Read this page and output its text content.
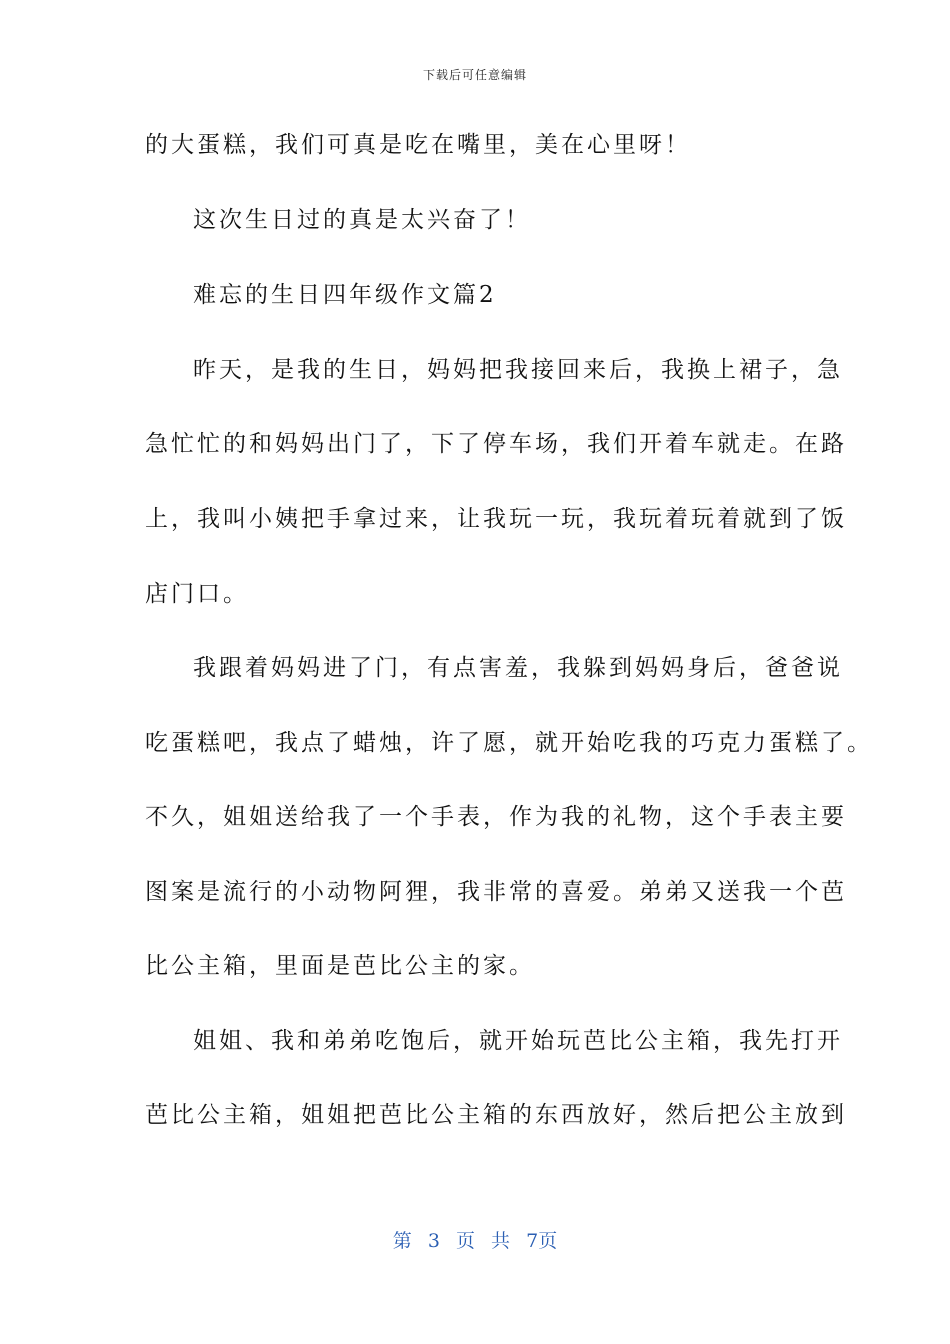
下载后可任意编辑
的大蛋糕，我们可真是吃在嘴里，美在心里呀！
这次生日过的真是太兴奋了！
难忘的生日四年级作文篇2
昨天，是我的生日，妈妈把我接回来后，我换上裙子，急
急忙忙的和妈妈出门了，下了停车场，我们开着车就走。在路
上，我叫小姨把手拿过来，让我玩一玩，我玩着玩着就到了饭
店门口。
我跟着妈妈进了门，有点害羞，我躲到妈妈身后，爸爸说
吃蛋糕吧，我点了蜡烛，许了愿，就开始吃我的巧克力蛋糕了。
不久，姐姐送给我了一个手表，作为我的礼物，这个手表主要
图案是流行的小动物阿狸，我非常的喜爱。弟弟又送我一个芭
比公主箱，里面是芭比公主的家。
姐姐、我和弟弟吃饱后，就开始玩芭比公主箱，我先打开
芭比公主箱，姐姐把芭比公主箱的东西放好，然后把公主放到
第 3 页 共 7页
